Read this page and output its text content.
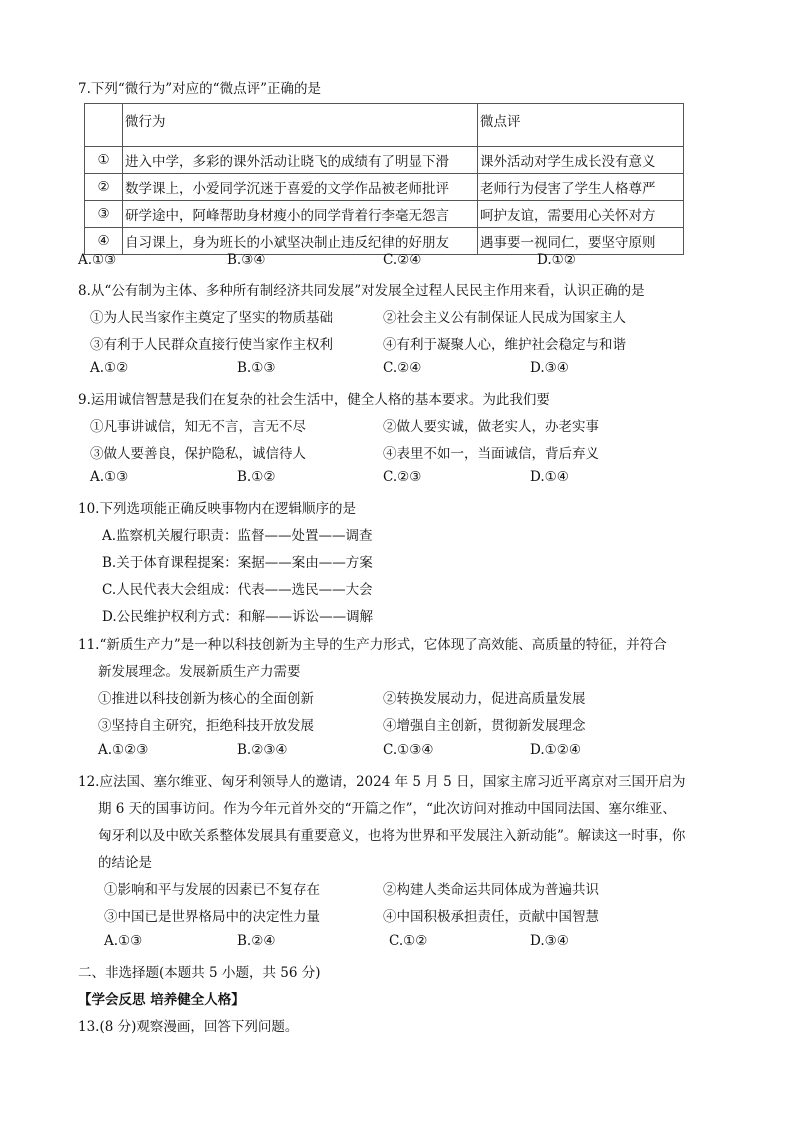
7.下列“微行为”对应的“微点评”正确的是
	微行为	微点评
①	进入中学，多彩的课外活动让晓飞的成绩有了明显下滑	课外活动对学生成长没有意义
②	数学课上，小爱同学沉迷于喜爱的文学作品被老师批评	老师行为侵害了学生人格尊严
③	研学途中，阿峰帮助身材瘦小的同学背着行李毫无怨言	呵护友谊，需要用心关怀对方
④	自习课上，身为班长的小斌坚决制止违反纪律的好朋友	遇事要一视同仁，要坚守原则
A.①③	B.③④	C.②④	D.①②
8.从“公有制为主体、多种所有制经济共同发展”对发展全过程人民民主作用来看，认识正确的是
①为人民当家作主奠定了坚实的物质基础	②社会主义公有制保证人民成为国家主人
③有利于人民群众直接行使当家作主权利	④有利于凝聚人心，维护社会稳定与和谐
A.①②	B.①③	C.②④	D.③④
9.运用诚信智慧是我们在复杂的社会生活中，健全人格的基本要求。为此我们要
①凡事讲诚信，知无不言，言无不尽	②做人要实诚，做老实人，办老实事
③做人要善良，保护隐私，诚信待人	④表里不如一，当面诚信，背后弃义
A.①③	B.①②	C.②③	D.①④
10.下列选项能正确反映事物内在逻辑顺序的是
A.监察机关履行职责：监督——处置——调查
B.关于体育课程提案：案据——案由——方案
C.人民代表大会组成：代表——选民——大会
D.公民维护权利方式：和解——诉讼——调解
11.“新质生产力”是一种以科技创新为主导的生产力形式，它体现了高效能、高质量的特征，并符合
新发展理念。发展新质生产力需要
①推进以科技创新为核心的全面创新	②转换发展动力，促进高质量发展
③坚持自主研究，拒绝科技开放发展	④增强自主创新，贯彻新发展理念
A.①②③	B.②③④	C.①③④	D.①②④
12.应法国、塞尔维亚、匈牙利领导人的邀请，2024 年 5 月 5 日，国家主席习近平离京对三国开启为
期 6 天的国事访问。作为今年元首外交的“开篇之作”，“此次访问对推动中国同法国、塞尔维亚、
匈牙利以及中欧关系整体发展具有重要意义，也将为世界和平发展注入新动能”。解读这一时事，你
的结论是
①影响和平与发展的因素已不复存在	②构建人类命运共同体成为普遍共识
③中国已是世界格局中的决定性力量	④中国积极承担责任，贡献中国智慧
A.①③	B.②④	C.①②	D.③④
二、非选择题(本题共 5 小题，共 56 分)
【学会反思 培养健全人格】
13.(8 分)观察漫画，回答下列问题。
